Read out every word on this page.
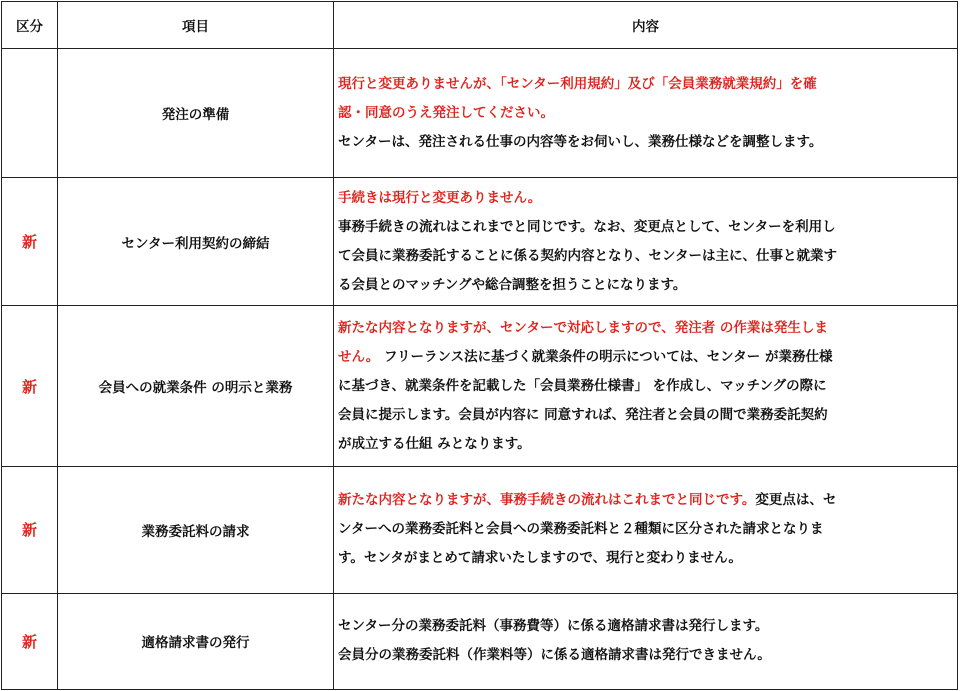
区分	項目	内容
	発注の準備	現行と変更ありませんが、「センター利用規約」及び「会員業務就業規約」を確
認・同意のうえ発注してください。
センターは、発注される仕事の内容等をお伺いし、業務仕様などを調整します。

新	センター利用契約の締結	手続きは現行と変更ありません。
事務手続きの流れはこれまでと同じです。なお、変更点として、センターを利用し
て会員に業務委託することに係る契約内容となり、センターは主に、仕事と就業す
る会員とのマッチングや総合調整を担うことになります。

新	会員への就業条件 の明示と業務	新たな内容となりますが、センターで対応しますので、発注者 の作業は発生しま
せん。 フリーランス法に基づく就業条件の明示については、センター が業務仕様
に基づき、就業条件を記載した「会員業務仕様書」 を作成し、マッチングの際に
会員に提示します。会員が内容に 同意すれば、発注者と会員の間で業務委託契約
が成立する仕組 みとなります。

新	業務委託料の請求	新たな内容となりますが、事務手続きの流れはこれまでと同じです。変更点は、セ
ンターへの業務委託料と会員への業務委託料と２種類に区分された請求となりま
す。センタがまとめて請求いたしますので、現行と変わりません。

新	適格請求書の発行	センター分の業務委託料（事務費等）に係る適格請求書は発行します。
会員分の業務委託料（作業料等）に係る適格請求書は発行できません。
